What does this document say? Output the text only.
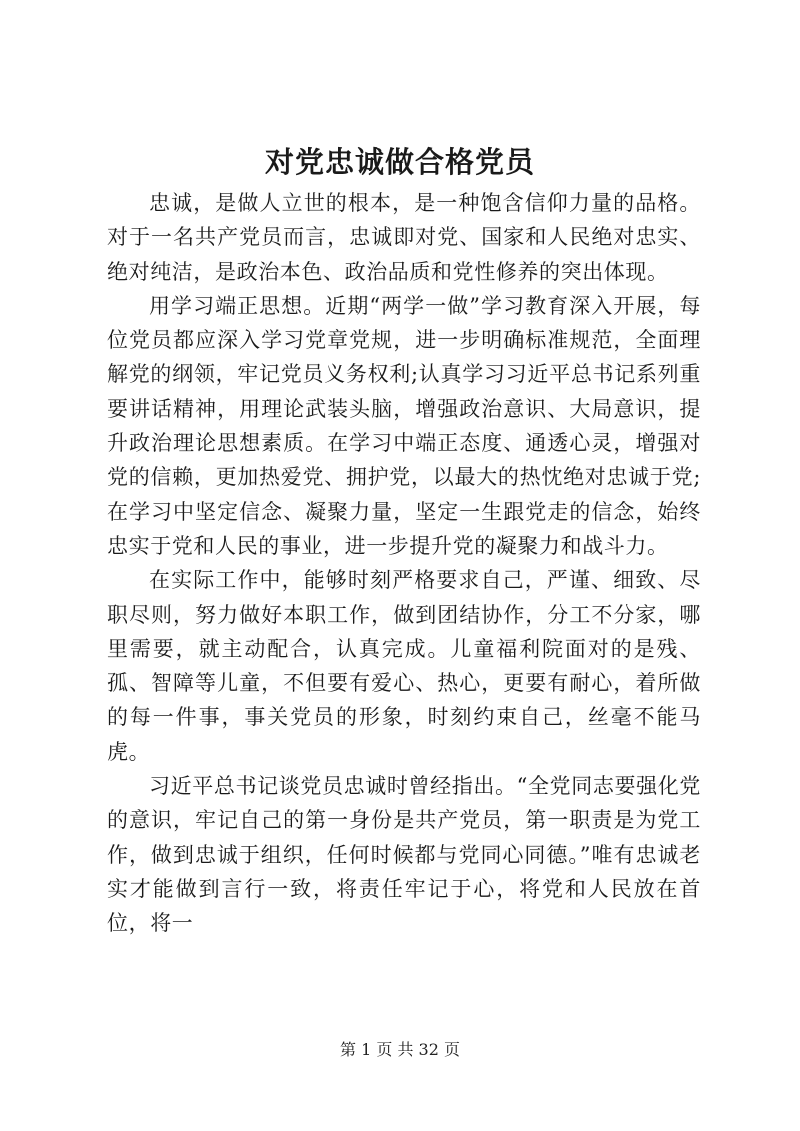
对党忠诚做合格党员

忠诚，是做人立世的根本，是一种饱含信仰力量的品格。对于一名共产党员而言，忠诚即对党、国家和人民绝对忠实、绝对纯洁，是政治本色、政治品质和党性修养的突出体现。

用学习端正思想。近期“两学一做”学习教育深入开展，每位党员都应深入学习党章党规，进一步明确标准规范，全面理解党的纲领，牢记党员义务权利;认真学习习近平总书记系列重要讲话精神，用理论武装头脑，增强政治意识、大局意识，提升政治理论思想素质。在学习中端正态度、通透心灵，增强对党的信赖，更加热爱党、拥护党，以最大的热忱绝对忠诚于党;在学习中坚定信念、凝聚力量，坚定一生跟党走的信念，始终忠实于党和人民的事业，进一步提升党的凝聚力和战斗力。

在实际工作中，能够时刻严格要求自己，严谨、细致、尽职尽则，努力做好本职工作，做到团结协作，分工不分家，哪里需要，就主动配合，认真完成。儿童福利院面对的是残、孤、智障等儿童，不但要有爱心、热心，更要有耐心，着所做的每一件事，事关党员的形象，时刻约束自己，丝毫不能马虎。

习近平总书记谈党员忠诚时曾经指出。“全党同志要强化党的意识，牢记自己的第一身份是共产党员，第一职责是为党工作，做到忠诚于组织，任何时候都与党同心同德。”唯有忠诚老实才能做到言行一致，将责任牢记于心，将党和人民放在首位，将一

第 1 页 共 32 页
